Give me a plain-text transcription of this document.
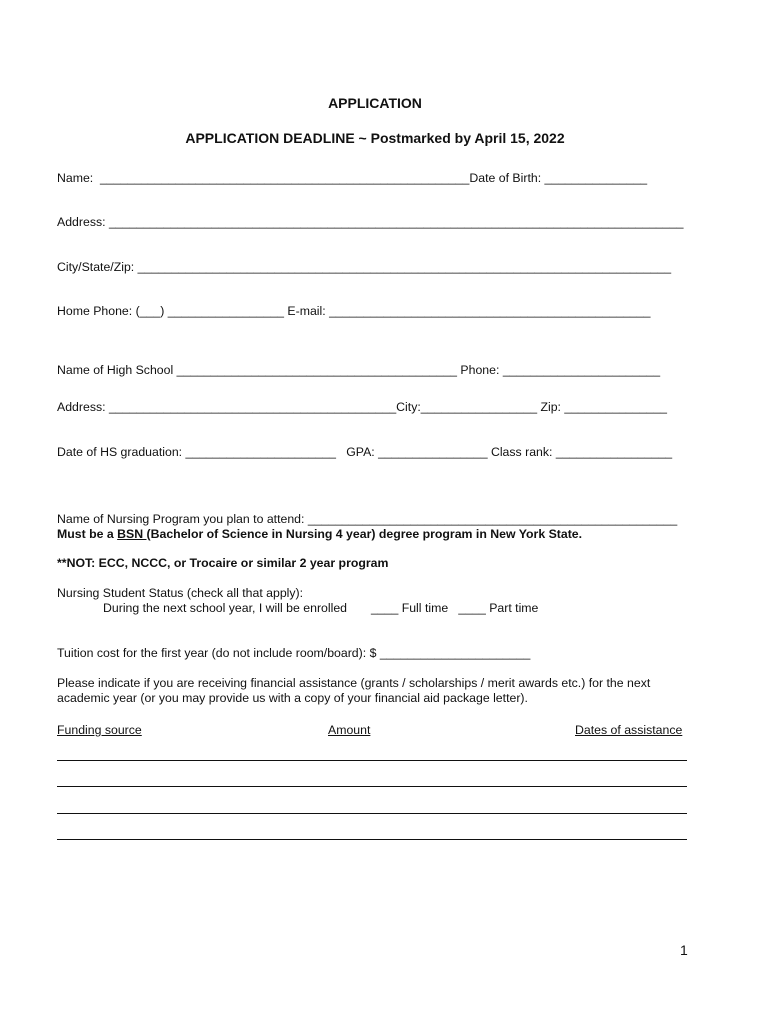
APPLICATION
APPLICATION DEADLINE ~ Postmarked by April 15, 2022
Name:  ______________________________________________________Date of Birth: _______________
Address: ____________________________________________________________________________________
City/State/Zip: ______________________________________________________________________________
Home Phone: (___) _________________ E-mail: _______________________________________________
Name of High School _________________________________________ Phone: _______________________
Address: __________________________________________City:_________________ Zip: _______________
Date of HS graduation: ______________________   GPA: ________________ Class rank: _________________
Name of Nursing Program you plan to attend: ______________________________________________________
Must be a BSN (Bachelor of Science in Nursing 4 year) degree program in New York State.
**NOT: ECC, NCCC, or Trocaire or similar 2 year program
Nursing Student Status (check all that apply):
During the next school year, I will be enrolled       ____ Full time   ____ Part time
Tuition cost for the first year (do not include room/board): $ ______________________
Please indicate if you are receiving financial assistance (grants / scholarships / merit awards etc.) for the next
academic year (or you may provide us with a copy of your financial aid package letter).
Funding source	Amount	Dates of assistance
1
